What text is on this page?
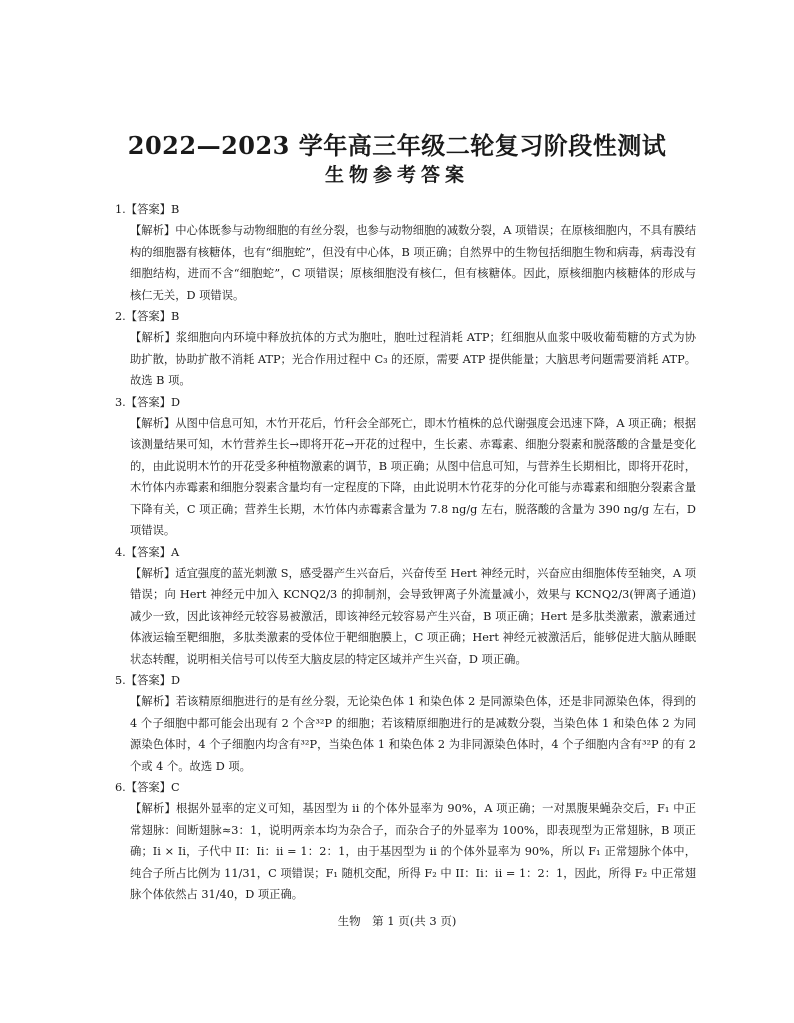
2022—2023 学年高三年级二轮复习阶段性测试
生物参考答案
1.【答案】B
【解析】中心体既参与动物细胞的有丝分裂，也参与动物细胞的减数分裂，A 项错误；在原核细胞内，不具有膜结构的细胞器有核糖体，也有“细胞蛇”，但没有中心体，B 项正确；自然界中的生物包括细胞生物和病毒，病毒没有细胞结构，进而不含“细胞蛇”，C 项错误；原核细胞没有核仁，但有核糖体。因此，原核细胞内核糖体的形成与核仁无关，D 项错误。
2.【答案】B
【解析】浆细胞向内环境中释放抗体的方式为胞吐，胞吐过程消耗 ATP；红细胞从血浆中吸收葡萄糖的方式为协助扩散，协助扩散不消耗 ATP；光合作用过程中 C₃ 的还原，需要 ATP 提供能量；大脑思考问题需要消耗 ATP。故选 B 项。
3.【答案】D
【解析】从图中信息可知，木竹开花后，竹秆会全部死亡，即木竹植株的总代谢强度会迅速下降，A 项正确；根据该测量结果可知，木竹营养生长→即将开花→开花的过程中，生长素、赤霉素、细胞分裂素和脱落酸的含量是变化的，由此说明木竹的开花受多种植物激素的调节，B 项正确；从图中信息可知，与营养生长期相比，即将开花时，木竹体内赤霉素和细胞分裂素含量均有一定程度的下降，由此说明木竹花芽的分化可能与赤霉素和细胞分裂素含量下降有关，C 项正确；营养生长期，木竹体内赤霉素含量为 7.8 ng/g 左右，脱落酸的含量为 390 ng/g 左右，D 项错误。
4.【答案】A
【解析】适宜强度的蓝光刺激 S，感受器产生兴奋后，兴奋传至 Hert 神经元时，兴奋应由细胞体传至轴突，A 项错误；向 Hert 神经元中加入 KCNQ2/3 的抑制剂，会导致钾离子外流量减小，效果与 KCNQ2/3(钾离子通道)减少一致，因此该神经元较容易被激活，即该神经元较容易产生兴奋，B 项正确；Hert 是多肽类激素，激素通过体液运输至靶细胞，多肽类激素的受体位于靶细胞膜上，C 项正确；Hert 神经元被激活后，能够促进大脑从睡眠状态转醒，说明相关信号可以传至大脑皮层的特定区域并产生兴奋，D 项正确。
5.【答案】D
【解析】若该精原细胞进行的是有丝分裂，无论染色体 1 和染色体 2 是同源染色体，还是非同源染色体，得到的 4 个子细胞中都可能会出现有 2 个含³²P 的细胞；若该精原细胞进行的是减数分裂，当染色体 1 和染色体 2 为同源染色体时，4 个子细胞内均含有³²P，当染色体 1 和染色体 2 为非同源染色体时，4 个子细胞内含有³²P 的有 2 个或 4 个。故选 D 项。
6.【答案】C
【解析】根据外显率的定义可知，基因型为 ii 的个体外显率为 90%，A 项正确；一对黑腹果蝇杂交后，F₁ 中正常翅脉：间断翅脉≈3：1，说明两亲本均为杂合子，而杂合子的外显率为 100%，即表现型为正常翅脉，B 项正确；Ii × Ii，子代中 II：Ii：ii = 1：2：1，由于基因型为 ii 的个体外显率为 90%，所以 F₁ 正常翅脉个体中，纯合子所占比例为 11/31，C 项错误；F₁ 随机交配，所得 F₂ 中 II：Ii：ii = 1：2：1，因此，所得 F₂ 中正常翅脉个体依然占 31/40，D 项正确。
生物　第 1 页(共 3 页)
